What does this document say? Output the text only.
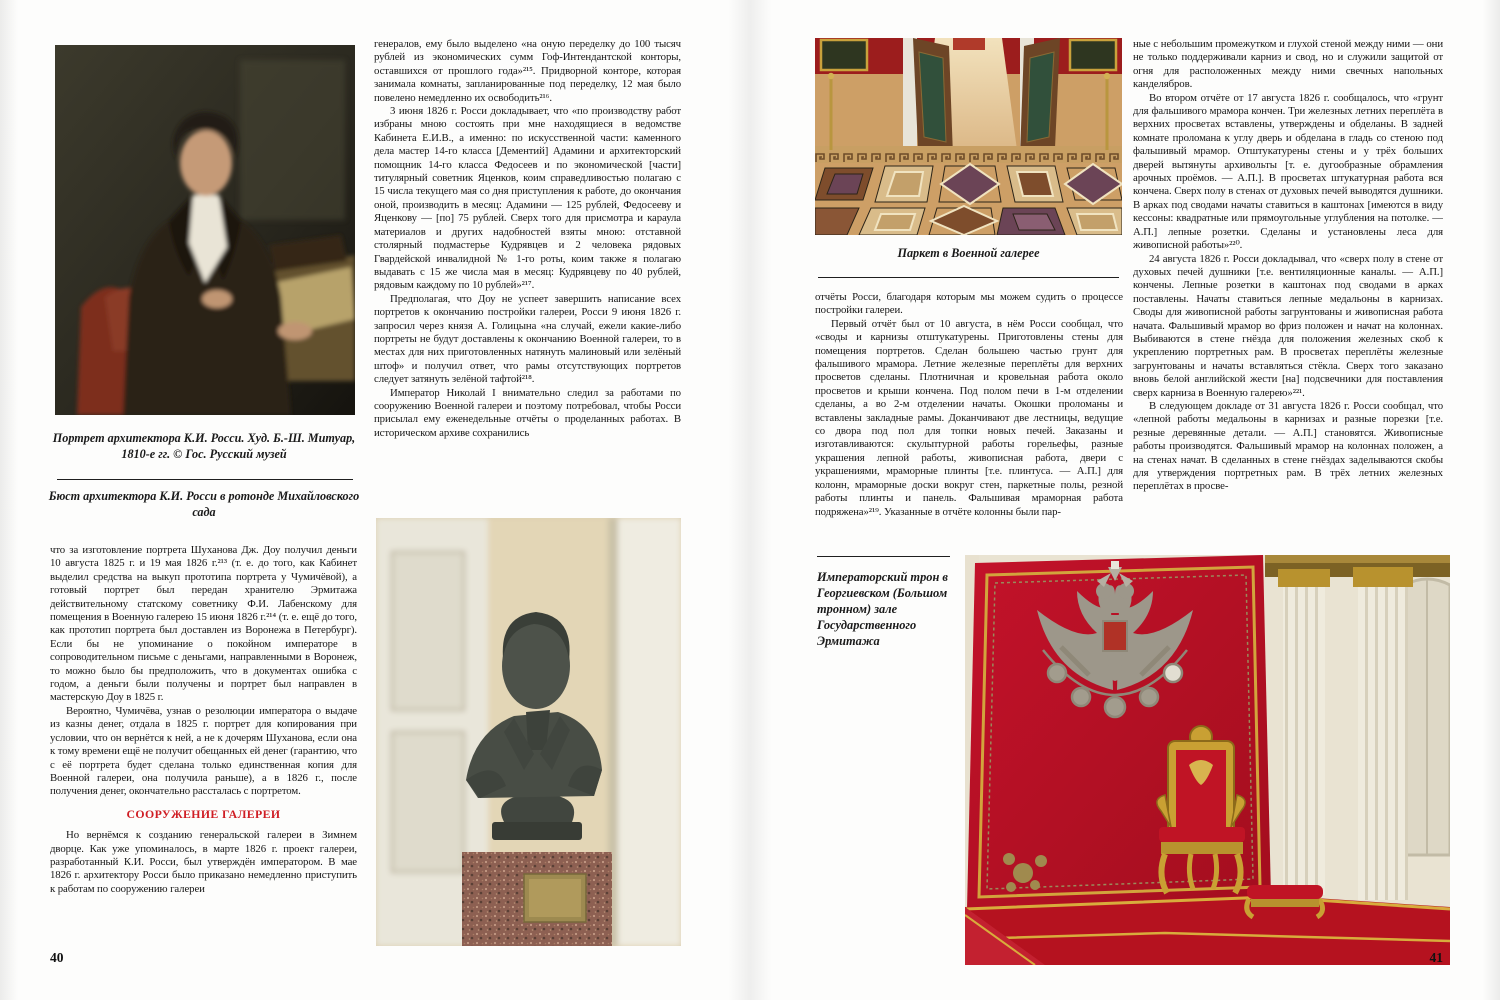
Портрет архитектора К.И. Росси. Худ. Б.-Ш. Митуар, 1810-е гг. © Гос. Русский музей
Бюст архитектора К.И. Росси в ротонде Михайловского сада

что за изготовление портрета Шуханова Дж. Доу получил деньги 10 августа 1825 г. и 19 мая 1826 г.²¹³ (т. е. до того, как Кабинет выделил средства на выкуп прототипа портрета у Чумичёвой), а готовый портрет был передан хранителю Эрмитажа действительному статскому советнику Ф.И. Лабенскому для помещения в Военную галерею 15 июня 1826 г.²¹⁴ (т. е. ещё до того, как прототип портрета был доставлен из Воронежа в Петербург). Если бы не упоминание о покойном императоре в сопроводительном письме с деньгами, направленными в Воронеж, то можно было бы предположить, что в документах ошибка с годом, а деньги были получены и портрет был направлен в мастерскую Доу в 1825 г.

Вероятно, Чумичёва, узнав о резолюции императора о выдаче из казны денег, отдала в 1825 г. портрет для копирования при условии, что он вернётся к ней, а не к дочерям Шуханова, если она к тому времени ещё не получит обещанных ей денег (гарантию, что с её портрета будет сделана только единственная копия для Военной галереи, она получила раньше), а в 1826 г., после получения денег, окончательно рассталась с портретом.

СООРУЖЕНИЕ ГАЛЕРЕИ

Но вернёмся к созданию генеральской галереи в Зимнем дворце. Как уже упоминалось, в марте 1826 г. проект галереи, разработанный К.И. Росси, был утверждён императором. В мае 1826 г. архитектору Росси было приказано немедленно приступить к работам по сооружению галереи

генералов, ему было выделено «на оную переделку до 100 тысяч рублей из экономических сумм Гоф-Интендантской конторы, оставшихся от прошлого года»²¹⁵. Придворной конторе, которая занимала комнаты, запланированные под переделку, 12 мая было повелено немедленно их освободить²¹⁶.

3 июня 1826 г. Росси докладывает, что «по производству работ избраны мною состоять при мне находящиеся в ведомстве Кабинета Е.И.В., а именно: по искусственной части: каменного дела мастер 14-го класса [Дементий] Адамини и архитекторский помощник 14-го класса Федосеев и по экономической [части] титулярный советник Яценков, коим справедливостью полагаю с 15 числа текущего мая со дня приступления к работе, до окончания оной, производить в месяц: Адамини — 125 рублей, Федосееву и Яценкову — [по] 75 рублей. Сверх того для присмотра и караула материалов и других надобностей взяты мною: отставной столярный подмастерье Кудрявцев и 2 человека рядовых Гвардейской инвалидной № 1-го роты, коим также я полагаю выдавать с 15 же числа мая в месяц: Кудрявцеву по 40 рублей, рядовым каждому по 10 рублей»²¹⁷.

Предполагая, что Доу не успеет завершить написание всех портретов к окончанию постройки галереи, Росси 9 июня 1826 г. запросил через князя А. Голицына «на случай, ежели какие-либо портреты не будут доставлены к окончанию Военной галереи, то в местах для них приготовленных натянуть малиновый или зелёный штоф» и получил ответ, что рамы отсутствующих портретов следует затянуть зелёной тафтой²¹⁸.

Император Николай I внимательно следил за работами по сооружению Военной галереи и поэтому потребовал, чтобы Росси присылал ему еженедельные отчёты о проделанных работах. В историческом архиве сохранились

40
Паркет в Военной галерее

отчёты Росси, благодаря которым мы можем судить о процессе постройки галереи.

Первый отчёт был от 10 августа, в нём Росси сообщал, что «своды и карнизы отштукатурены. Приготовлены стены для помещения портретов. Сделан большею частью грунт для фальшивого мрамора. Летние железные переплёты для верхних просветов сделаны. Плотничная и кровельная работа около просветов и крыши кончена. Под полом печи в 1-м отделении сделаны, а во 2-м отделении начаты. Окошки проломаны и вставлены закладные рамы. Доканчивают две лестницы, ведущие со двора под пол для топки новых печей. Заказаны и изготавливаются: скульптурной работы горельефы, разные украшения лепной работы, живописная работа, двери с украшениями, мраморные плинты [т.е. плинтуса. — А.П.] для колонн, мраморные доски вокруг стен, паркетные полы, резной работы плинты и панель. Фальшивая мраморная работа подряжена»²¹⁹. Указанные в отчёте колонны были пар-

Императорский трон в Георгиевском (Большом тронном) зале Государственного Эрмитажа

ные с небольшим промежутком и глухой стеной между ними — они не только поддерживали карниз и свод, но и служили защитой от огня для расположенных между ними свечных напольных канделябров.

Во втором отчёте от 17 августа 1826 г. сообщалось, что «грунт для фальшивого мрамора кончен. Три железных летних переплёта в верхних просветах вставлены, утверждены и обделаны. В задней комнате проломана к углу дверь и обделана в гладь со стеною под фальшивый мрамор. Отштукатурены стены и у трёх больших дверей вытянуты архивольты [т. е. дугообразные обрамления арочных проёмов. — А.П.]. В просветах штукатурная работа вся кончена. Сверх полу в стенах от духовых печей выводятся душники. В арках под сводами начаты ставиться в каштонах [имеются в виду кессоны: квадратные или прямоугольные углубления на потолке. — А.П.] лепные розетки. Сделаны и установлены леса для живописной работы»²²⁰.

24 августа 1826 г. Росси докладывал, что «сверх полу в стене от духовых печей душники [т.е. вентиляционные каналы. — А.П.] кончены. Лепные розетки в каштонах под сводами в арках поставлены. Начаты ставиться лепные медальоны в карнизах. Своды для живописной работы загрунтованы и живописная работа начата. Фальшивый мрамор во фриз положен и начат на колоннах. Выбиваются в стене гнёзда для положения железных скоб к укреплению портретных рам. В просветах переплёты железные загрунтованы и начаты вставляться стёкла. Сверх того заказано вновь белой английской жести [на] подсвечники для поставления сверх карниза в Военную галерею»²²¹.

В следующем докладе от 31 августа 1826 г. Росси сообщал, что «лепной работы медальоны в карнизах и разные порезки [т.е. резные деревянные детали. — А.П.] становятся. Живописные работы производятся. Фальшивый мрамор на колоннах положен, а на стенах начат. В сделанных в стене гнёздах заделываются скобы для утверждения портретных рам. В трёх летних железных переплётах в просве-

41
